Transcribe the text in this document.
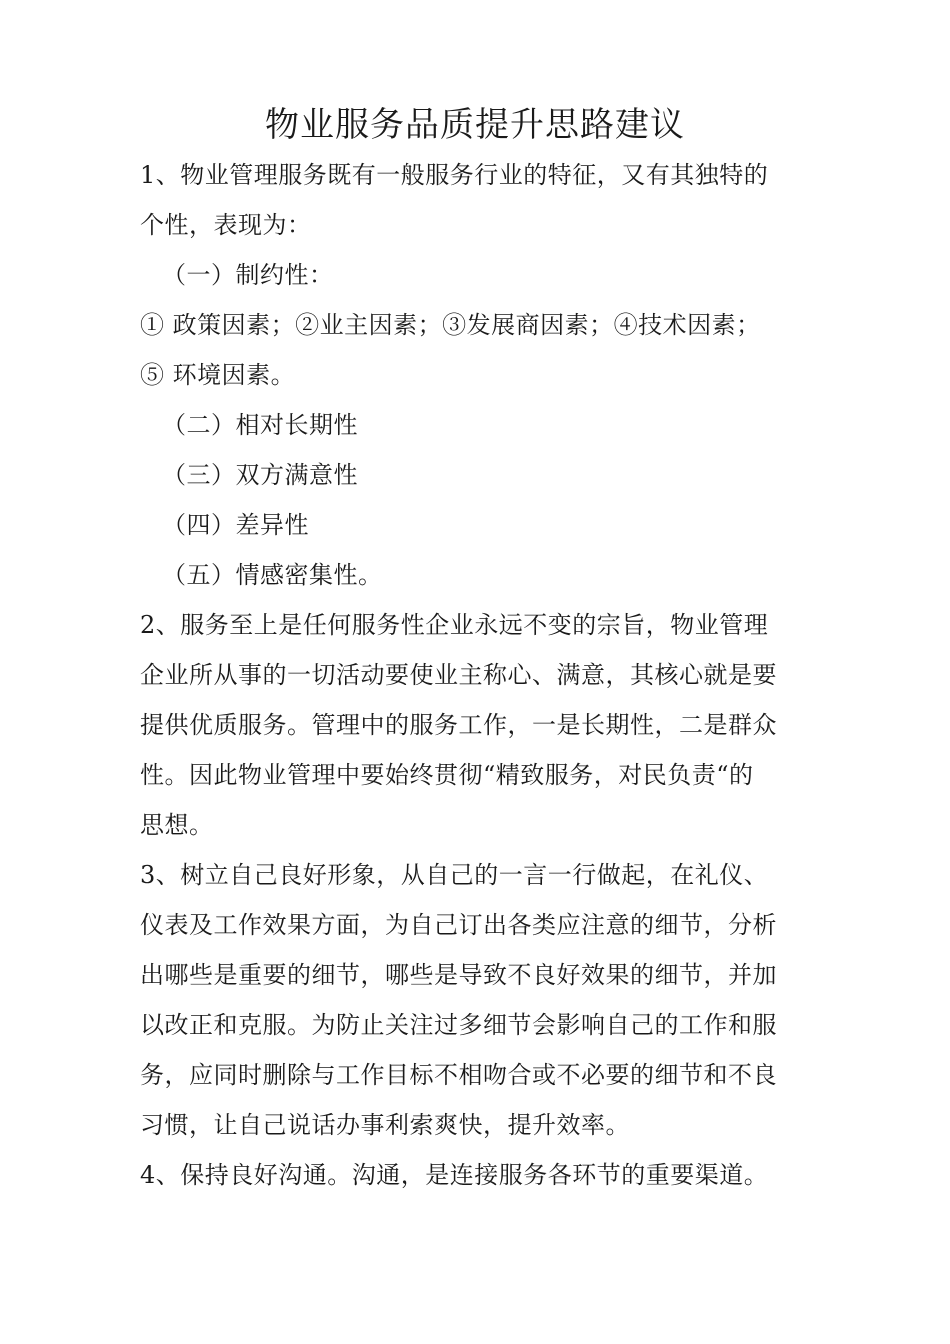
物业服务品质提升思路建议
1、物业管理服务既有一般服务行业的特征，又有其独特的
个性，表现为：
（一）制约性：
① 政策因素；②业主因素；③发展商因素；④技术因素；
⑤ 环境因素。
（二）相对长期性
（三）双方满意性
（四）差异性
（五）情感密集性。
2、服务至上是任何服务性企业永远不变的宗旨，物业管理
企业所从事的一切活动要使业主称心、满意，其核心就是要
提供优质服务。管理中的服务工作，一是长期性，二是群众
性。因此物业管理中要始终贯彻“精致服务，对民负责“的
思想。
3、树立自己良好形象，从自己的一言一行做起，在礼仪、
仪表及工作效果方面，为自己订出各类应注意的细节，分析
出哪些是重要的细节，哪些是导致不良好效果的细节，并加
以改正和克服。为防止关注过多细节会影响自己的工作和服
务，应同时删除与工作目标不相吻合或不必要的细节和不良
习惯，让自己说话办事利索爽快，提升效率。
4、保持良好沟通。沟通，是连接服务各环节的重要渠道。
